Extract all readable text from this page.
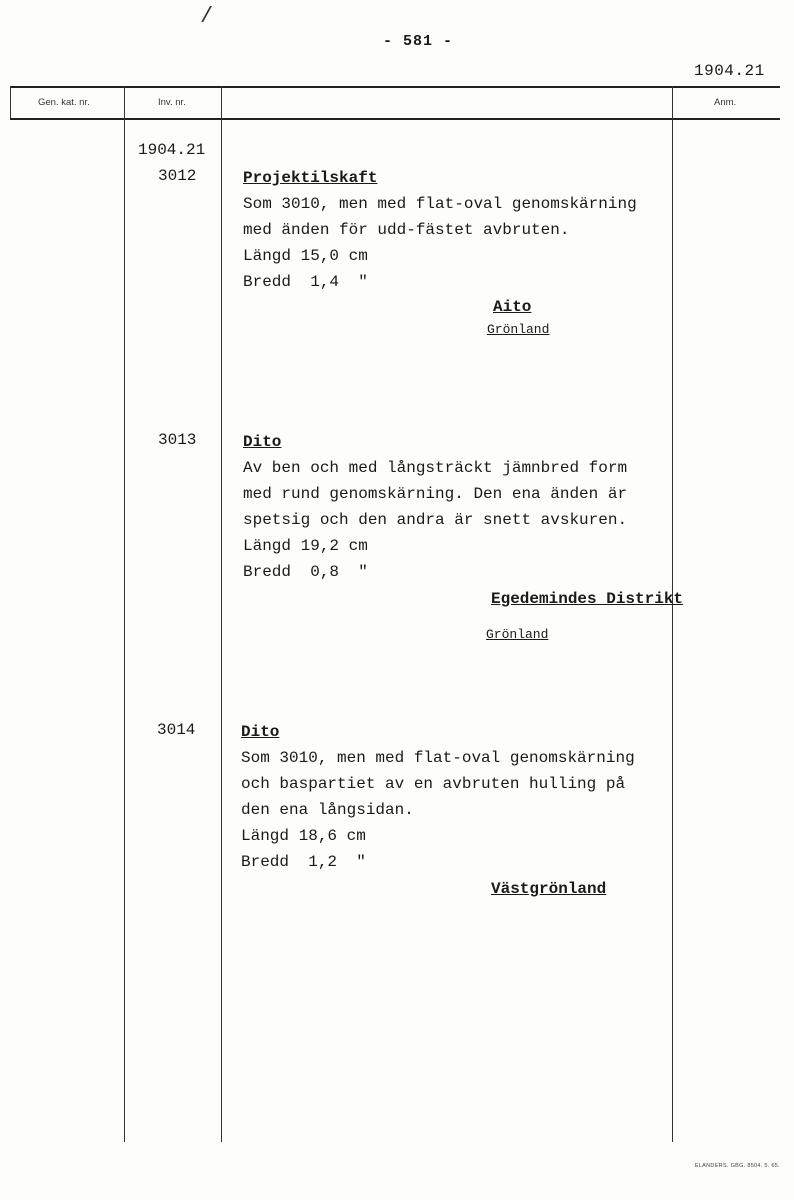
/
- 581 -
1904.21
Gen. kat. nr.	Inv. nr.	Anm.
1904.21
3012	Projektilskaft
Som 3010, men med flat-oval genomskärning
med änden för udd-fästet avbruten.
Längd 15,0 cm
Bredd  1,4  "
Aito
Grönland
3013	Dito
Av ben och med långsträckt jämnbred form
med rund genomskärning. Den ena änden är
spetsig och den andra är snett avskuren.
Längd 19,2 cm
Bredd  0,8  "
Egedemindes Distrikt
Grönland
3014	Dito
Som 3010, men med flat-oval genomskärning
och baspartiet av en avbruten hulling på
den ena långsidan.
Längd 18,6 cm
Bredd  1,2  "
Västgrönland
ELANDERS. GBG. 8504. 5. 65.
